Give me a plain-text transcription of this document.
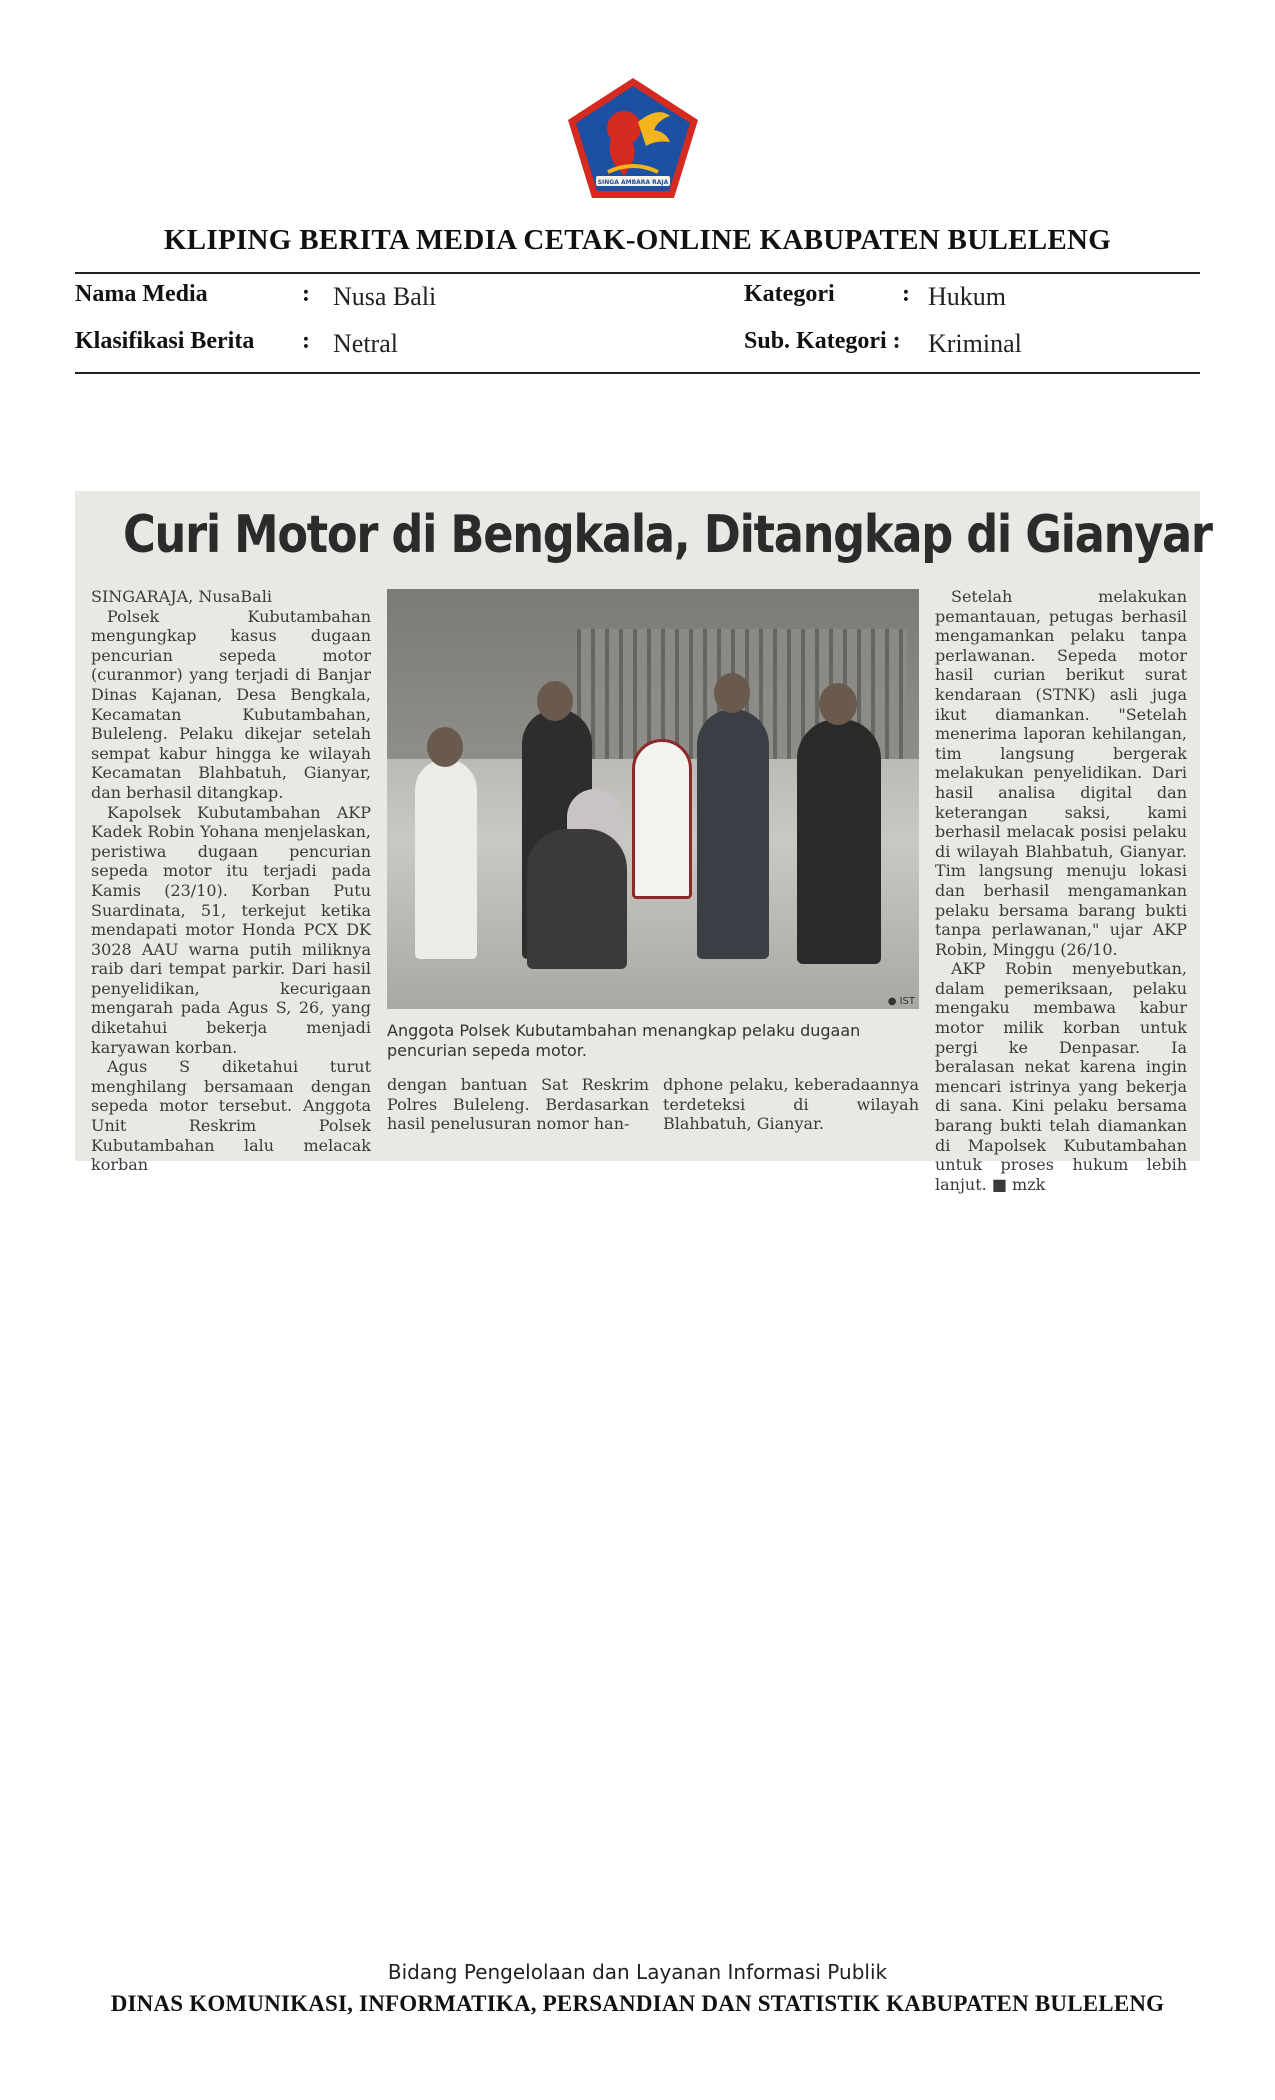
SINGA AMBARA RAJA
KLIPING BERITA MEDIA CETAK-ONLINE KABUPATEN BULELENG
Nama Media	: Nusa Bali	Kategori	: Hukum
Klasifikasi Berita : Netral	Sub. Kategori : Kriminal
Curi Motor di Bengkala, Ditangkap di Gianyar

SINGARAJA, NusaBali

Polsek Kubutambahan mengungkap kasus dugaan pencurian sepeda motor (curanmor) yang terjadi di Banjar Dinas Kajanan, Desa Bengkala, Kecamatan Kubutambahan, Buleleng. Pelaku dikejar setelah sempat kabur hingga ke wilayah Kecamatan Blahbatuh, Gianyar, dan berhasil ditangkap.

Kapolsek Kubutambahan AKP Kadek Robin Yohana menjelaskan, peristiwa dugaan pencurian sepeda motor itu terjadi pada Kamis (23/10). Korban Putu Suardinata, 51, terkejut ketika mendapati motor Honda PCX DK 3028 AAU warna putih miliknya raib dari tempat parkir. Dari hasil penyelidikan, kecurigaan mengarah pada Agus S, 26, yang diketahui bekerja menjadi karyawan korban.

Agus S diketahui turut menghilang bersamaan dengan sepeda motor tersebut. Anggota Unit Reskrim Polsek Kubutambahan lalu melacak korban

● IST
Anggota Polsek Kubutambahan menangkap pelaku dugaan pencurian sepeda motor.

dengan bantuan Sat Reskrim Polres Buleleng. Berdasarkan hasil penelusuran nomor han-

dphone pelaku, keberadaannya terdeteksi di wilayah Blahbatuh, Gianyar.

Setelah melakukan pemantauan, petugas berhasil mengamankan pelaku tanpa perlawanan. Sepeda motor hasil curian berikut surat kendaraan (STNK) asli juga ikut diamankan. "Setelah menerima laporan kehilangan, tim langsung bergerak melakukan penyelidikan. Dari hasil analisa digital dan keterangan saksi, kami berhasil melacak posisi pelaku di wilayah Blahbatuh, Gianyar. Tim langsung menuju lokasi dan berhasil mengamankan pelaku bersama barang bukti tanpa perlawanan," ujar AKP Robin, Minggu (26/10.

AKP Robin menyebutkan, dalam pemeriksaan, pelaku mengaku membawa kabur motor milik korban untuk pergi ke Denpasar. Ia beralasan nekat karena ingin mencari istrinya yang bekerja di sana. Kini pelaku bersama barang bukti telah diamankan di Mapolsek Kubutambahan untuk proses hukum lebih lanjut. ■ mzk

Bidang Pengelolaan dan Layanan Informasi Publik
DINAS KOMUNIKASI, INFORMATIKA, PERSANDIAN DAN STATISTIK KABUPATEN BULELENG
